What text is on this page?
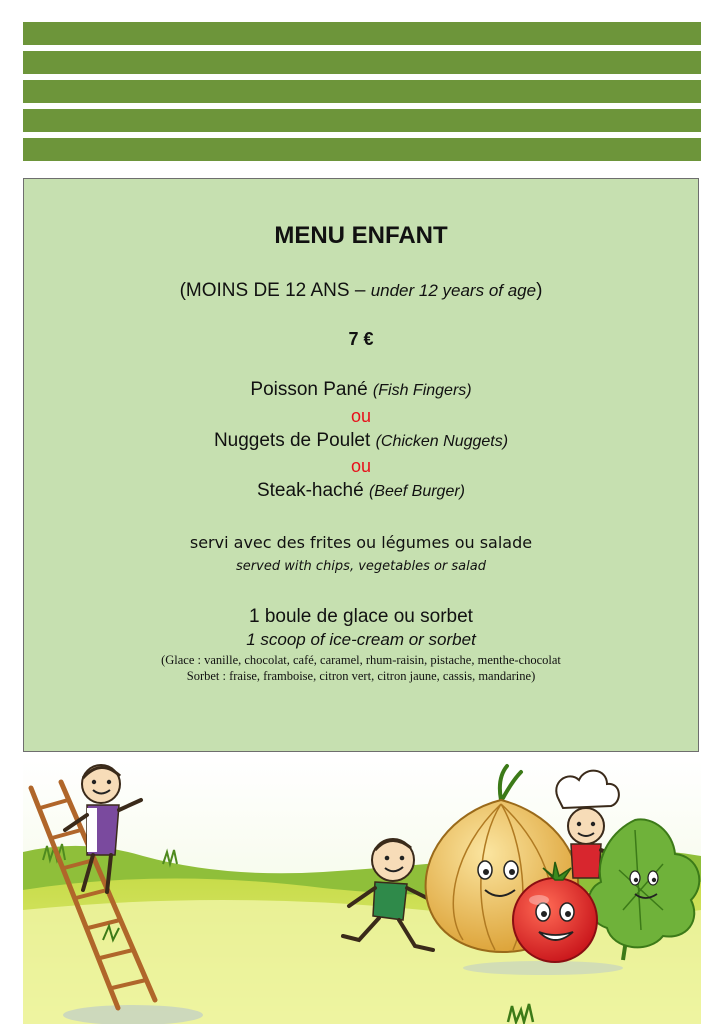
MENU ENFANT
(MOINS DE 12 ANS – under 12 years of age)
7 €
Poisson Pané (Fish Fingers)
ou
Nuggets de Poulet (Chicken Nuggets)
ou
Steak-haché (Beef Burger)
servi avec des frites ou légumes ou salade
served with chips, vegetables or salad
1 boule de glace ou sorbet
1 scoop of ice-cream or sorbet
(Glace : vanille, chocolat, café, caramel, rhum-raisin, pistache, menthe-chocolat
Sorbet : fraise, framboise, citron vert, citron jaune, cassis, mandarine)
